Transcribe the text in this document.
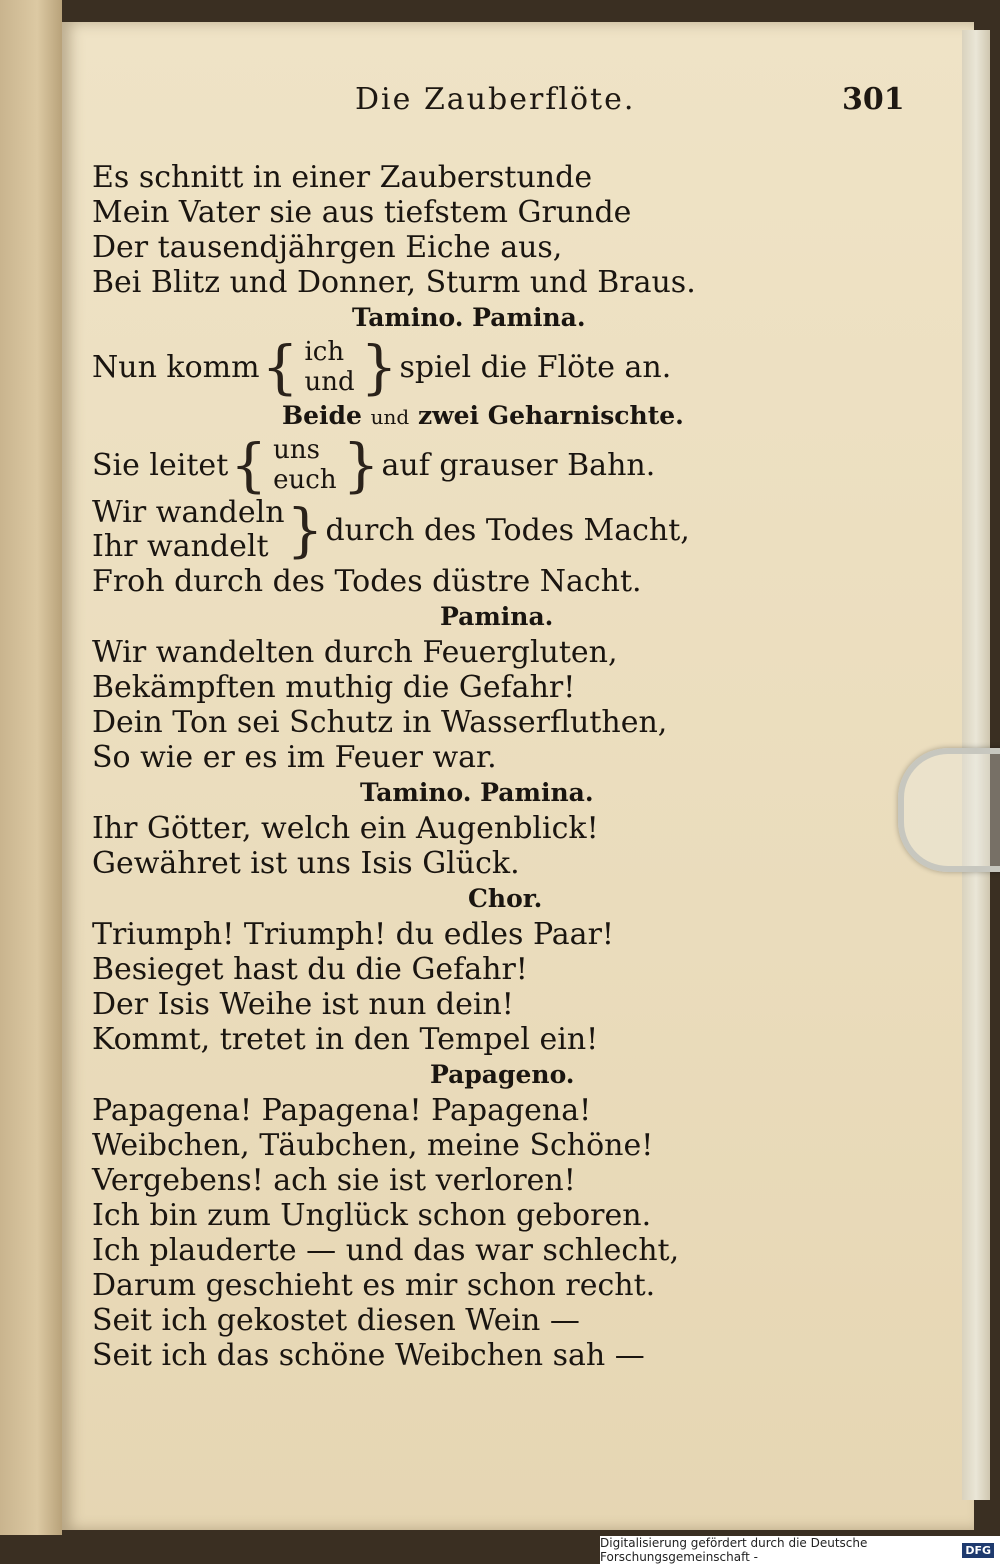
Die Zauberflöte.	301
Es schnitt in einer Zauberstunde
Mein Vater sie aus tiefstem Grunde
Der tausendjährgen Eiche aus,
Bei Blitz und Donner, Sturm und Braus.
Tamino. Pamina.
Nun komm { ich
und } spiel die Flöte an.
Beide und zwei Geharnischte.
Sie leitet { uns
euch } auf grauser Bahn.
Wir wandeln
Ihr wandelt } durch des Todes Macht,
Froh durch des Todes düstre Nacht.
Pamina.
Wir wandelten durch Feuergluten,
Bekämpften muthig die Gefahr!
Dein Ton sei Schutz in Wasserfluthen,
So wie er es im Feuer war.
Tamino. Pamina.
Ihr Götter, welch ein Augenblick!
Gewähret ist uns Isis Glück.
Chor.
Triumph! Triumph! du edles Paar!
Besieget hast du die Gefahr!
Der Isis Weihe ist nun dein!
Kommt, tretet in den Tempel ein!
Papageno.
Papagena! Papagena! Papagena!
Weibchen, Täubchen, meine Schöne!
Vergebens! ach sie ist verloren!
Ich bin zum Unglück schon geboren.
Ich plauderte — und das war schlecht,
Darum geschieht es mir schon recht.
Seit ich gekostet diesen Wein —
Seit ich das schöne Weibchen sah —
Digitalisierung gefördert durch die Deutsche Forschungsgemeinschaft -	DFG
